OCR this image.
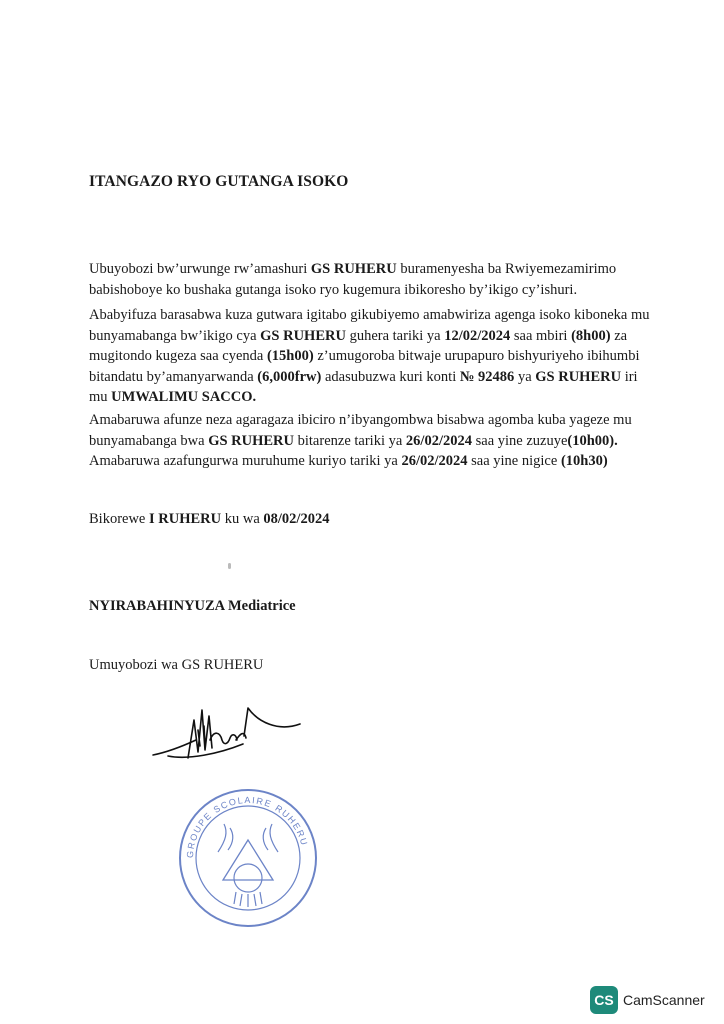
ITANGAZO RYO GUTANGA ISOKO
Ubuyobozi bw’urwunge rw’amashuri GS RUHERU buramenyesha ba Rwiyemezamirimo
babishoboye ko bushaka gutanga isoko ryo kugemura ibikoresho by’ikigo cy’ishuri.
Ababyifuza barasabwa kuza gutwara igitabo gikubiyemo amabwiriza agenga isoko kiboneka mu
bunyamabanga bw’ikigo cya GS RUHERU guhera tariki ya 12/02/2024 saa mbiri (8h00) za
mugitondo kugeza saa cyenda (15h00) z’umugoroba bitwaje urupapuro bishyuriyeho ibihumbi
bitandatu by’amanyarwanda (6,000frw) adasubuzwa kuri konti № 92486 ya GS RUHERU iri
mu UMWALIMU SACCO.
Amabaruwa afunze neza agaragaza ibiciro n’ibyangombwa bisabwa agomba kuba yageze mu
bunyamabanga bwa GS RUHERU bitarenze tariki ya 26/02/2024 saa yine zuzuye(10h00).
Amabaruwa azafungurwa muruhume kuriyo tariki ya 26/02/2024 saa yine nigice (10h30)
Bikorewe I RUHERU ku wa 08/02/2024
NYIRABAHINYUZA Mediatrice
Umuyobozi wa GS RUHERU
GROUPE SCOLAIRE RUHERU
CS CamScanner
